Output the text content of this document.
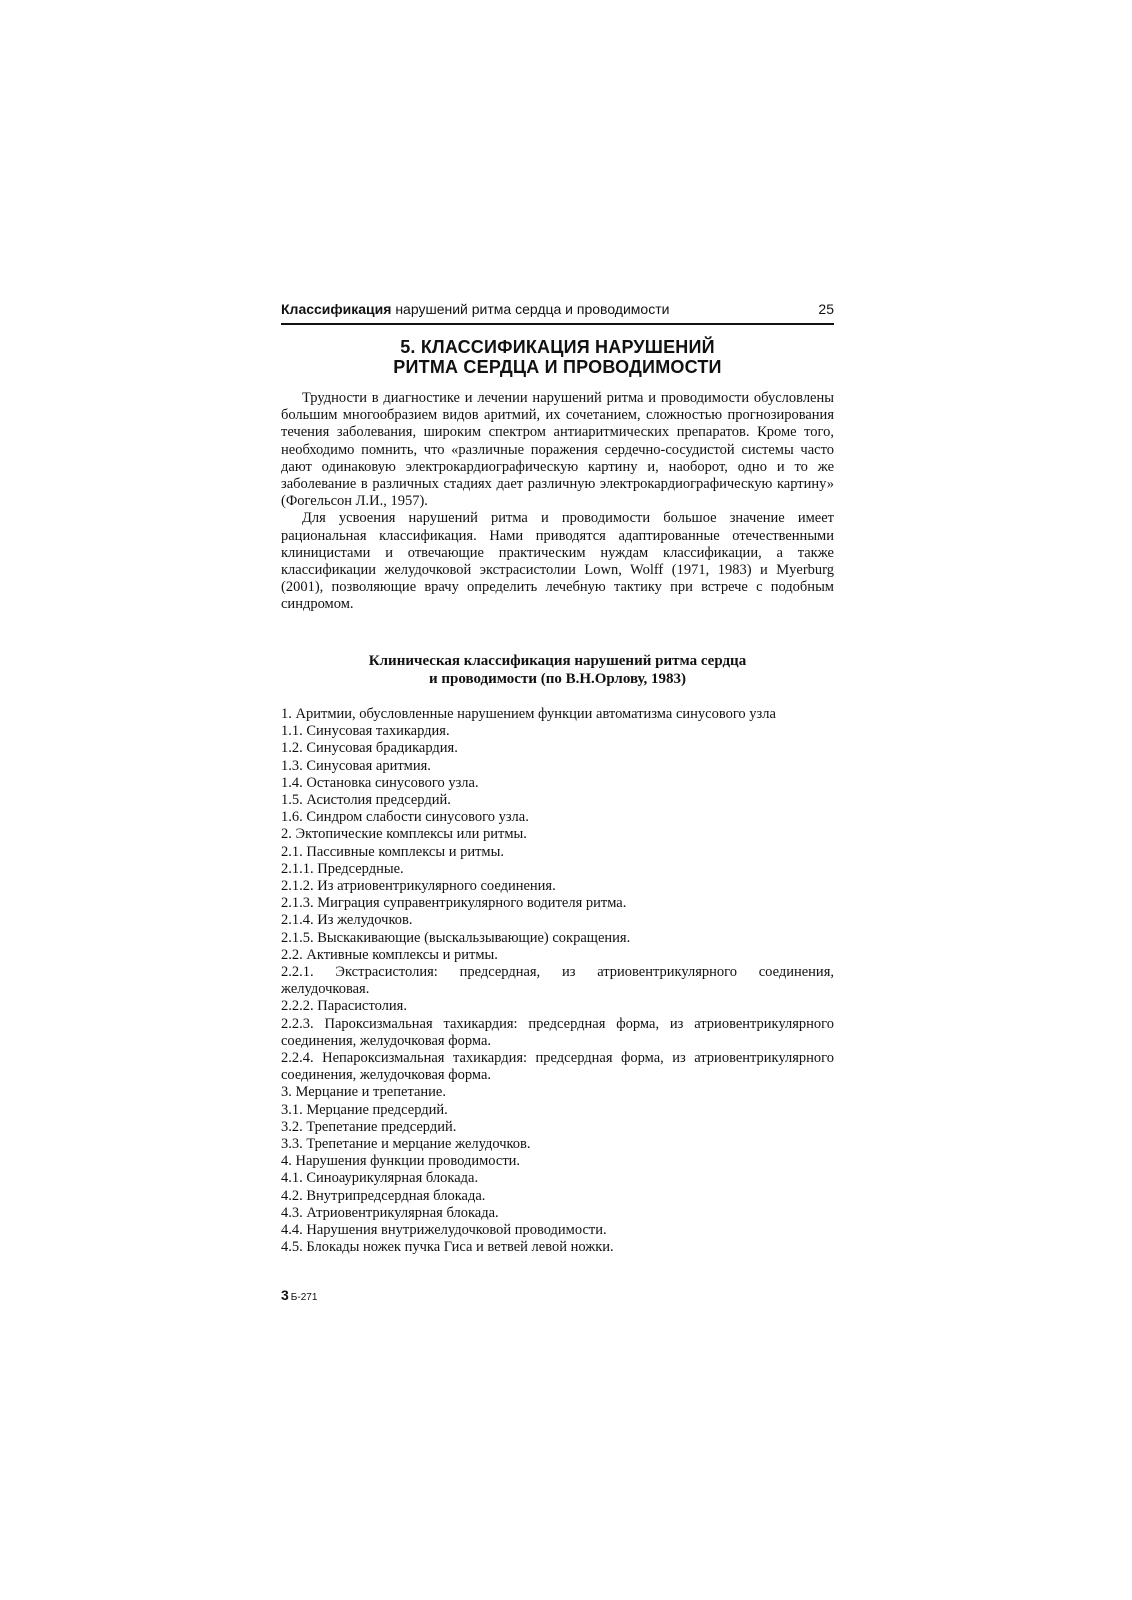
Классификация нарушений ритма сердца и проводимости	25
5. КЛАССИФИКАЦИЯ НАРУШЕНИЙ
РИТМА СЕРДЦА И ПРОВОДИМОСТИ

Трудности в диагностике и лечении нарушений ритма и проводимости обусловлены большим многообразием видов аритмий, их сочетанием, сложностью прогнозирования течения заболевания, широким спектром антиаритмических препаратов. Кроме того, необходимо помнить, что «различные поражения сердечно-сосудистой системы часто дают одинаковую электрокардиографическую картину и, наоборот, одно и то же заболевание в различных стадиях дает различную электрокардиографическую картину» (Фогельсон Л.И., 1957).

Для усвоения нарушений ритма и проводимости большое значение имеет рациональная классификация. Нами приводятся адаптированные отечественными клиницистами и отвечающие практическим нуждам классификации, а также классификации желудочковой экстрасистолии Lown, Wolff (1971, 1983) и Myerburg (2001), позволяющие врачу определить лечебную тактику при встрече с подобным синдромом.

Клиническая классификация нарушений ритма сердца
и проводимости (по В.Н.Орлову, 1983)
1. Аритмии, обусловленные нарушением функции автоматизма синусового узла
1.1. Синусовая тахикардия.
1.2. Синусовая брадикардия.
1.3. Синусовая аритмия.
1.4. Остановка синусового узла.
1.5. Асистолия предсердий.
1.6. Синдром слабости синусового узла.
2. Эктопические комплексы или ритмы.
2.1. Пассивные комплексы и ритмы.
2.1.1. Предсердные.
2.1.2. Из атриовентрикулярного соединения.
2.1.3. Миграция суправентрикулярного водителя ритма.
2.1.4. Из желудочков.
2.1.5. Выскакивающие (выскальзывающие) сокращения.
2.2. Активные комплексы и ритмы.
2.2.1. Экстрасистолия: предсердная, из атриовентрикулярного соединения, желудочковая.
2.2.2. Парасистолия.
2.2.3. Пароксизмальная тахикардия: предсердная форма, из атриовентрикулярного соединения, желудочковая форма.
2.2.4. Непароксизмальная тахикардия: предсердная форма, из атриовентрикулярного соединения, желудочковая форма.
3. Мерцание и трепетание.
3.1. Мерцание предсердий.
3.2. Трепетание предсердий.
3.3. Трепетание и мерцание желудочков.
4. Нарушения функции проводимости.
4.1. Синоаурикулярная блокада.
4.2. Внутрипредсердная блокада.
4.3. Атриовентрикулярная блокада.
4.4. Нарушения внутрижелудочковой проводимости.
4.5. Блокады ножек пучка Гиса и ветвей левой ножки.
3 Б-271
